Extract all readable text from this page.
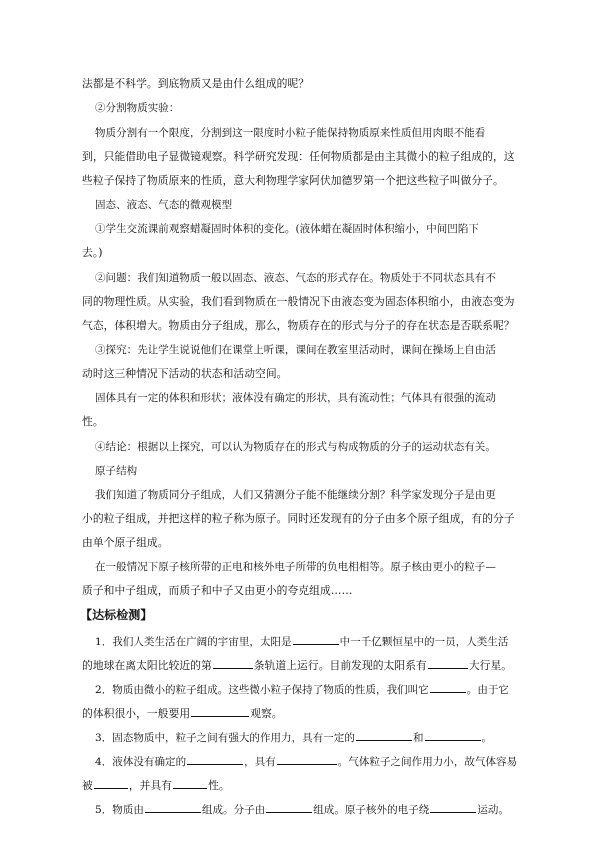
法都是不科学。到底物质又是由什么组成的呢？
②分割物质实验：
物质分割有一个限度，分割到这一限度时小粒子能保持物质原来性质但用肉眼不能看
到，只能借助电子显微镜观察。科学研究发现：任何物质都是由主其微小的粒子组成的，这
些粒子保持了物质原来的性质，意大利物理学家阿伏加德罗第一个把这些粒子叫做分子。
固态、液态、气态的微观模型
①学生交流课前观察蜡凝固时体积的变化。(液体蜡在凝固时体积缩小，中间凹陷下
去。)
②问题：我们知道物质一般以固态、液态、气态的形式存在。物质处于不同状态具有不
同的物理性质。从实验，我们看到物质在一般情况下由液态变为固态体积缩小，由液态变为
气态，体积增大。物质由分子组成，那么，物质存在的形式与分子的存在状态是否联系呢？
③探究：先让学生说说他们在课堂上听课，课间在教室里活动时，课间在操场上自由活
动时这三种情况下活动的状态和活动空间。
固体具有一定的体积和形状；液体没有确定的形状，具有流动性；气体具有很强的流动
性。
④结论：根据以上探究，可以认为物质存在的形式与构成物质的分子的运动状态有关。
原子结构
我们知道了物质同分子组成，人们又猜测分子能不能继续分割？科学家发现分子是由更
小的粒子组成，并把这样的粒子称为原子。同时还发现有的分子由多个原子组成，有的分子
由单个原子组成。
在一般情况下原子核所带的正电和核外电子所带的负电相相等。原子核由更小的粒子—
质子和中子组成，而质子和中子又由更小的夸克组成……
【达标检测】
1．我们人类生活在广阔的宇宙里，太阳是	中一千亿颗恒星中的一员，人类生活
的地球在离太阳比较近的第	条轨道上运行。目前发现的太阳系有	大行星。
2．物质由微小的粒子组成。这些微小粒子保持了物质的性质，我们叫它	。由于它
的体积很小，一般要用	观察。
3．固态物质中，粒子之间有强大的作用力，具有一定的	和	。
4．液体没有确定的	，具有	。气体粒子之间作用力小，故气体容易
被	，并具有	性。
5．物质由	组成。分子由	组成。原子核外的电子绕	运动。
